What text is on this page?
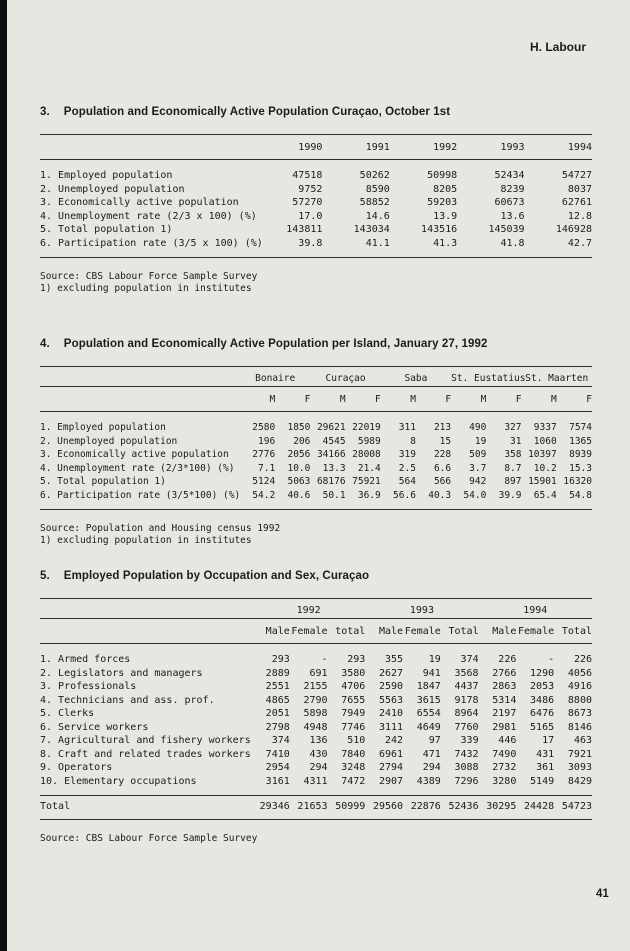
H. Labour
3. Population and Economically Active Population Curaçao, October 1st
	1990	1991	1992	1993	1994
1. Employed population	47518	50262	50998	52434	54727
2. Unemployed population	9752	8590	8205	8239	8037
3. Economically active population	57270	58852	59203	60673	62761
4. Unemployment rate (2/3 x 100) (%)	17.0	14.6	13.9	13.6	12.8
5. Total population 1)	143811	143034	143516	145039	146928
6. Participation rate (3/5 x 100) (%)	39.8	41.1	41.3	41.8	42.7
Source: CBS Labour Force Sample Survey
1) excluding population in institutes
4. Population and Economically Active Population per Island, January 27, 1992
	Bonaire		Curaçao		Saba		St. Eustatius		St. Maarten	
	M	F	M	F	M	F	M	F	M	F
1. Employed population	2580	1850	29621	22019	311	213	490	327	9337	7574
2. Unemployed population	196	206	4545	5989	8	15	19	31	1060	1365
3. Economically active population	2776	2056	34166	28008	319	228	509	358	10397	8939
4. Unemployment rate (2/3*100) (%)	7.1	10.0	13.3	21.4	2.5	6.6	3.7	8.7	10.2	15.3
5. Total population 1)	5124	5063	68176	75921	564	566	942	897	15901	16320
6. Participation rate (3/5*100) (%)	54.2	40.6	50.1	36.9	56.6	40.3	54.0	39.9	65.4	54.8
Source: Population and Housing census 1992
1) excluding population in institutes
5. Employed Population by Occupation and Sex, Curaçao
	1992			1993			1994		
	Male	Female	total	Male	Female	Total	Male	Female	Total
1. Armed forces	293	-	293	355	19	374	226	-	226
2. Legislators and managers	2889	691	3580	2627	941	3568	2766	1290	4056
3. Professionals	2551	2155	4706	2590	1847	4437	2863	2053	4916
4. Technicians and ass. prof.	4865	2790	7655	5563	3615	9178	5314	3486	8800
5. Clerks	2051	5898	7949	2410	6554	8964	2197	6476	8673
6. Service workers	2798	4948	7746	3111	4649	7760	2981	5165	8146
7. Agricultural and fishery workers	374	136	510	242	97	339	446	17	463
8. Craft and related trades workers	7410	430	7840	6961	471	7432	7490	431	7921
9. Operators	2954	294	3248	2794	294	3088	2732	361	3093
10. Elementary occupations	3161	4311	7472	2907	4389	7296	3280	5149	8429
Total	29346	21653	50999	29560	22876	52436	30295	24428	54723
Source: CBS Labour Force Sample Survey
41
